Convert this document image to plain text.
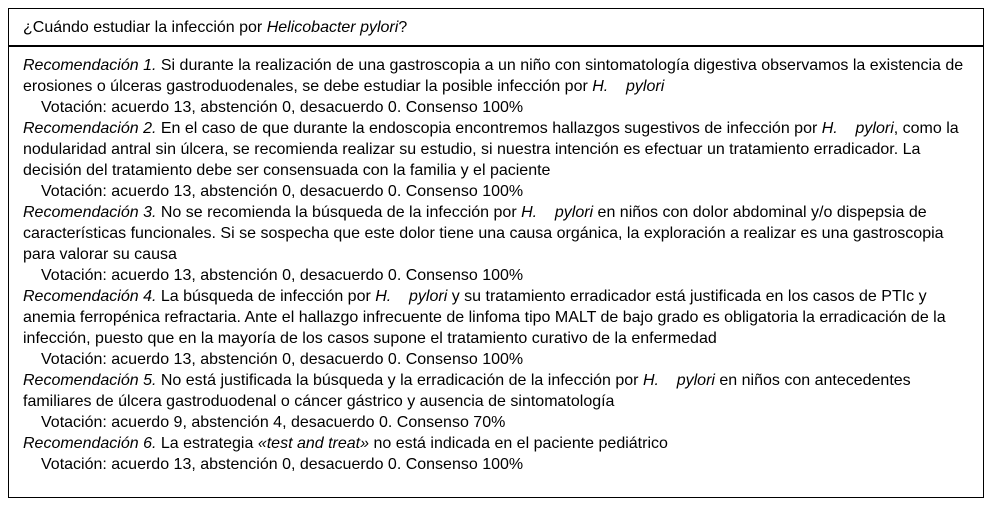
¿Cuándo estudiar la infección por Helicobacter pylori?

Recomendación 1. Si durante la realización de una gastroscopia a un niño con sintomatología digestiva observamos la existencia de erosiones o úlceras gastroduodenales, se debe estudiar la posible infección por H.    pylori

Votación: acuerdo 13, abstención 0, desacuerdo 0. Consenso 100%

Recomendación 2. En el caso de que durante la endoscopia encontremos hallazgos sugestivos de infección por H.    pylori, como la nodularidad antral sin úlcera, se recomienda realizar su estudio, si nuestra intención es efectuar un tratamiento erradicador. La decisión del tratamiento debe ser consensuada con la familia y el paciente

Votación: acuerdo 13, abstención 0, desacuerdo 0. Consenso 100%

Recomendación 3. No se recomienda la búsqueda de la infección por H.    pylori en niños con dolor abdominal y/o dispepsia de características funcionales. Si se sospecha que este dolor tiene una causa orgánica, la exploración a realizar es una gastroscopia para valorar su causa

Votación: acuerdo 13, abstención 0, desacuerdo 0. Consenso 100%

Recomendación 4. La búsqueda de infección por H.    pylori y su tratamiento erradicador está justificada en los casos de PTIc y anemia ferropénica refractaria. Ante el hallazgo infrecuente de linfoma tipo MALT de bajo grado es obligatoria la erradicación de la infección, puesto que en la mayoría de los casos supone el tratamiento curativo de la enfermedad

Votación: acuerdo 13, abstención 0, desacuerdo 0. Consenso 100%

Recomendación 5. No está justificada la búsqueda y la erradicación de la infección por H.    pylori en niños con antecedentes familiares de úlcera gastroduodenal o cáncer gástrico y ausencia de sintomatología

Votación: acuerdo 9, abstención 4, desacuerdo 0. Consenso 70%

Recomendación 6. La estrategia «test and treat» no está indicada en el paciente pediátrico

Votación: acuerdo 13, abstención 0, desacuerdo 0. Consenso 100%
